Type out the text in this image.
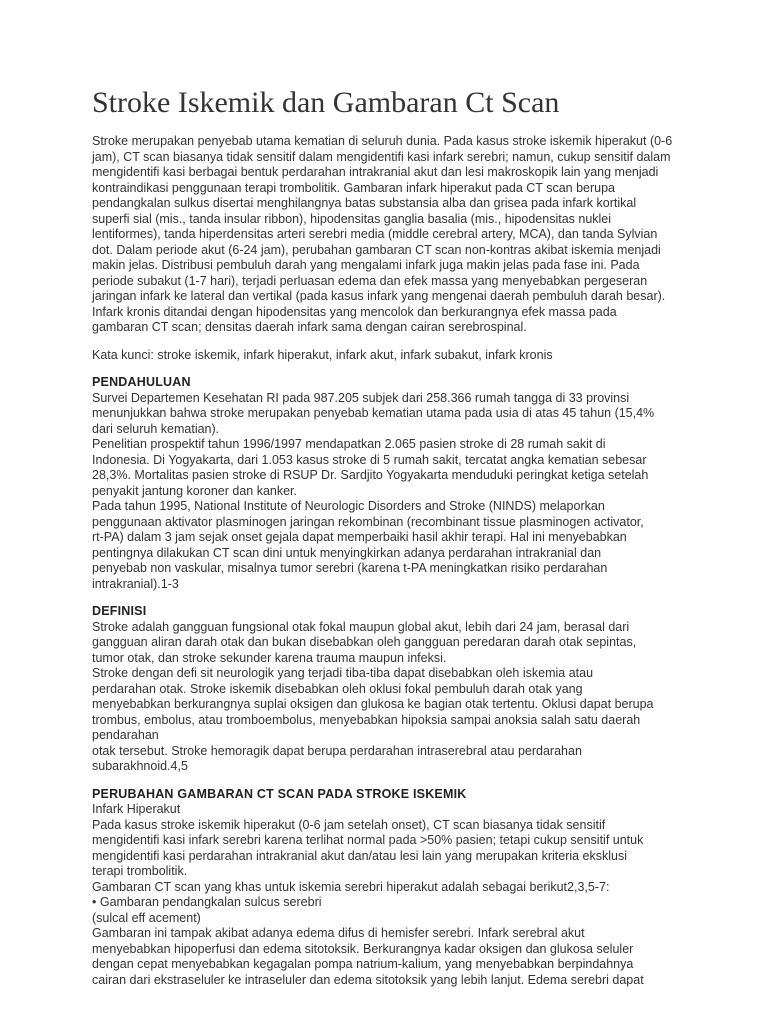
Stroke Iskemik dan Gambaran Ct Scan

Stroke merupakan penyebab utama kematian di seluruh dunia. Pada kasus stroke iskemik hiperakut (0-6 jam), CT scan biasanya tidak sensitif dalam mengidentifi kasi infark serebri; namun, cukup sensitif dalam mengidentifi kasi berbagai bentuk perdarahan intrakranial akut dan lesi makroskopik lain yang menjadi kontraindikasi penggunaan terapi trombolitik. Gambaran infark hiperakut pada CT scan berupa pendangkalan sulkus disertai menghilangnya batas substansia alba dan grisea pada infark kortikal superfi sial (mis., tanda insular ribbon), hipodensitas ganglia basalia (mis., hipodensitas nuklei lentiformes), tanda hiperdensitas arteri serebri media (middle cerebral artery, MCA), dan tanda Sylvian dot. Dalam periode akut (6-24 jam), perubahan gambaran CT scan non-kontras akibat iskemia menjadi makin jelas. Distribusi pembuluh darah yang mengalami infark juga makin jelas pada fase ini. Pada periode subakut (1-7 hari), terjadi perluasan edema dan efek massa yang menyebabkan pergeseran jaringan infark ke lateral dan vertikal (pada kasus infark yang mengenai daerah pembuluh darah besar). Infark kronis ditandai dengan hipodensitas yang mencolok dan berkurangnya efek massa pada gambaran CT scan; densitas daerah infark sama dengan cairan serebrospinal.

Kata kunci: stroke iskemik, infark hiperakut, infark akut, infark subakut, infark kronis

PENDAHULUAN
Survei Departemen Kesehatan RI pada 987.205 subjek dari 258.366 rumah tangga di 33 provinsi
menunjukkan bahwa stroke merupakan penyebab kematian utama pada usia di atas 45 tahun (15,4%
dari seluruh kematian).
Penelitian prospektif tahun 1996/1997 mendapatkan 2.065 pasien stroke di 28 rumah sakit di
Indonesia. Di Yogyakarta, dari 1.053 kasus stroke di 5 rumah sakit, tercatat angka kematian sebesar
28,3%. Mortalitas pasien stroke di RSUP Dr. Sardjito Yogyakarta menduduki peringkat ketiga setelah
penyakit jantung koroner dan kanker.
Pada tahun 1995, National Institute of Neurologic Disorders and Stroke (NINDS) melaporkan
penggunaan aktivator plasminogen jaringan rekombinan (recombinant tissue plasminogen activator,
rt-PA) dalam 3 jam sejak onset gejala dapat memperbaiki hasil akhir terapi. Hal ini menyebabkan
pentingnya dilakukan CT scan dini untuk menyingkirkan adanya perdarahan intrakranial dan
penyebab non vaskular, misalnya tumor serebri (karena t-PA meningkatkan risiko perdarahan
intrakranial).1-3
DEFINISI
Stroke adalah gangguan fungsional otak fokal maupun global akut, lebih dari 24 jam, berasal dari
gangguan aliran darah otak dan bukan disebabkan oleh gangguan peredaran darah otak sepintas,
tumor otak, dan stroke sekunder karena trauma maupun infeksi.
Stroke dengan defi sit neurologik yang terjadi tiba-tiba dapat disebabkan oleh iskemia atau
perdarahan otak. Stroke iskemik disebabkan oleh oklusi fokal pembuluh darah otak yang
menyebabkan berkurangnya suplai oksigen dan glukosa ke bagian otak tertentu. Oklusi dapat berupa
trombus, embolus, atau tromboembolus, menyebabkan hipoksia sampai anoksia salah satu daerah
pendarahan
otak tersebut. Stroke hemoragik dapat berupa perdarahan intraserebral atau perdarahan
subarakhnoid.4,5
PERUBAHAN GAMBARAN CT SCAN PADA STROKE ISKEMIK
Infark Hiperakut
Pada kasus stroke iskemik hiperakut (0-6 jam setelah onset), CT scan biasanya tidak sensitif
mengidentifi kasi infark serebri karena terlihat normal pada >50% pasien; tetapi cukup sensitif untuk
mengidentifi kasi perdarahan intrakranial akut dan/atau lesi lain yang merupakan kriteria eksklusi
terapi trombolitik.
Gambaran CT scan yang khas untuk iskemia serebri hiperakut adalah sebagai berikut2,3,5-7:
• Gambaran pendangkalan sulcus serebri
(sulcal eff acement)
Gambaran ini tampak akibat adanya edema difus di hemisfer serebri. Infark serebral akut
menyebabkan hipoperfusi dan edema sitotoksik. Berkurangnya kadar oksigen dan glukosa seluler
dengan cepat menyebabkan kegagalan pompa natrium-kalium, yang menyebabkan berpindahnya
cairan dari ekstraseluler ke intraseluler dan edema sitotoksik yang lebih lanjut. Edema serebri dapat
